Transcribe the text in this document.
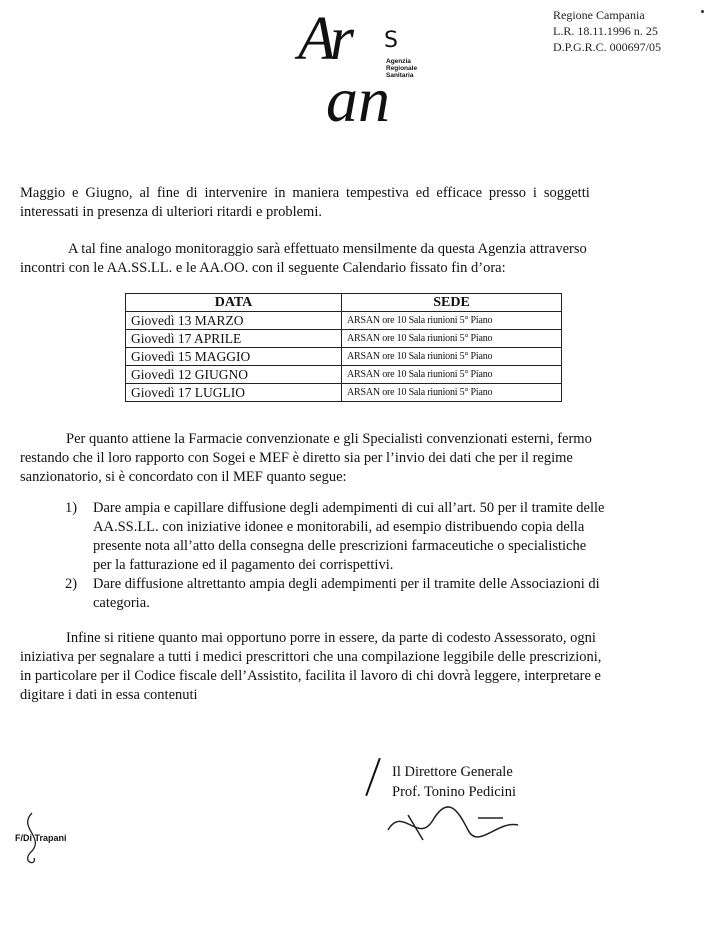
Ar S
Agenzia
Regionale
Sanitaria
an
Regione Campania
L.R. 18.11.1996 n. 25
D.P.G.R.C. 000697/05
Maggio e Giugno, al fine di intervenire in maniera tempestiva ed efficace presso i soggetti
interessati in presenza di ulteriori ritardi e problemi.
A tal fine analogo monitoraggio sarà effettuato mensilmente da questa Agenzia attraverso
incontri con le AA.SS.LL. e le AA.OO. con il seguente Calendario fissato fin d’ora:
DATA	SEDE
Giovedì 13 MARZO	ARSAN ore 10 Sala riunioni 5° Piano
Giovedì 17 APRILE	ARSAN ore 10 Sala riunioni 5° Piano
Giovedì 15 MAGGIO	ARSAN ore 10 Sala riunioni 5° Piano
Giovedì 12 GIUGNO	ARSAN ore 10 Sala riunioni 5° Piano
Giovedì 17 LUGLIO	ARSAN ore 10 Sala riunioni 5° Piano
Per quanto attiene la Farmacie convenzionate e gli Specialisti convenzionati esterni, fermo
restando che il loro rapporto con Sogei e MEF è diretto sia per l’invio dei dati che per il regime
sanzionatorio, si è concordato con il MEF quanto segue:
1) Dare ampia e capillare diffusione degli adempimenti di cui all’art. 50 per il tramite delle
AA.SS.LL. con iniziative idonee e monitorabili, ad esempio distribuendo copia della
presente nota all’atto della consegna delle prescrizioni farmaceutiche o specialistiche
per la fatturazione ed il pagamento dei corrispettivi.
2) Dare diffusione altrettanto ampia degli adempimenti per il tramite delle Associazioni di
categoria.
Infine si ritiene quanto mai opportuno porre in essere, da parte di codesto Assessorato, ogni
iniziativa per segnalare a tutti i medici prescrittori che una compilazione leggibile delle prescrizioni,
in particolare per il Codice fiscale dell’Assistito, facilita il lavoro di chi dovrà leggere, interpretare e
digitare i dati in essa contenuti
Il Direttore Generale
Prof. Tonino Pedicini
F/Di Trapani
